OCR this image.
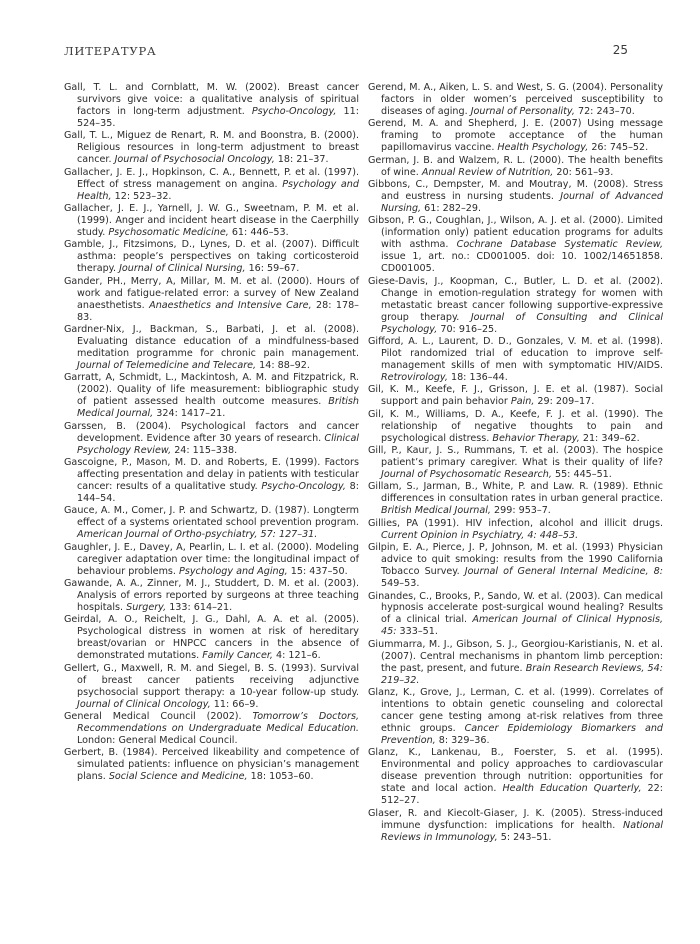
ЛИТЕРАТУРА	25

Gall, T. L. and Cornblatt, M. W. (2002). Breast cancer survivors give voice: a qualitative analysis of spiritual factors in long-term adjustment. Psycho-Oncology, 11: 524–35.

Gall, T. L., Miguez de Renart, R. M. and Boonstra, B. (2000). Religious resources in long-term adjustment to breast cancer. Journal of Psychosocial Oncology, 18: 21–37.

Gallacher, J. E. J., Hopkinson, C. A., Bennett, P. et al. (1997). Effect of stress management on angina. Psychology and Health, 12: 523–32.

Gallacher, J. E. J., Yarnell, J. W. G., Sweetnam, P. M. et al. (1999). Anger and incident heart disease in the Caerphilly study. Psychosomatic Medicine, 61: 446–53.

Gamble, J., Fitzsimons, D., Lynes, D. et al. (2007). Difficult asthma: people’s perspectives on taking corticosteroid therapy. Journal of Clinical Nursing, 16: 59–67.

Gander, PH., Merry, A, Millar, M. M. et al. (2000). Hours of work and fatigue-related error: a survey of New Zealand anaesthetists. Anaesthetics and Intensive Care, 28: 178–83.

Gardner-Nix, J., Backman, S., Barbati, J. et al. (2008). Evaluating distance education of a mindfulness-based meditation programme for chronic pain management. Journal of Telemedicine and Telecare, 14: 88–92.

Garratt, A, Schmidt, L., Mackintosh, A. M. and Fitzpatrick, R. (2002). Quality of life measurement: bibliographic study of patient assessed health outcome measures. British Medical Journal, 324: 1417–21.

Garssen, B. (2004). Psychological factors and cancer development. Evidence after 30 years of research. Clinical Psychology Review, 24: 115–338.

Gascoigne, P., Mason, M. D. and Roberts, E. (1999). Factors affecting presentation and delay in patients with testicular cancer: results of a qualitative study. Psycho-Oncology, 8: 144–54.

Gauce, A. M., Comer, J. P. and Schwartz, D. (1987). Longterm effect of a systems orientated school prevention program. American Journal of Ortho-psychiatry, 57: 127–31.

Gaughler, J. E., Davey, A, Pearlin, L. I. et al. (2000). Modeling caregiver adaptation over time: the longitudinal impact of behaviour problems. Psychology and Aging, 15: 437–50.

Gawande, A. A., Zinner, M. J., Studdert, D. M. et al. (2003). Analysis of errors reported by surgeons at three teaching hospitals. Surgery, 133: 614–21.

Geirdal, A. O., Reichelt, J. G., Dahl, A. A. et al. (2005). Psychological distress in women at risk of hereditary breast/ovarian or HNPCC cancers in the absence of demonstrated mutations. Family Cancer, 4: 121–6.

Gellert, G., Maxwell, R. M. and Siegel, B. S. (1993). Survival of breast cancer patients receiving adjunctive psychosocial support therapy: a 10-year follow-up study. Journal of Clinical Oncology, 11: 66–9.

General Medical Council (2002). Tomorrow’s Doctors, Recommendations on Undergraduate Medical Education. London: General Medical Council.

Gerbert, B. (1984). Perceived likeability and competence of simulated patients: influence on physician’s management plans. Social Science and Medicine, 18: 1053–60.

Gerend, M. A., Aiken, L. S. and West, S. G. (2004). Personality factors in older women’s perceived susceptibility to diseases of aging. Journal of Personality, 72: 243–70.

Gerend, M. A. and Shepherd, J. E. (2007) Using message framing to promote acceptance of the human papillomavirus vaccine. Health Psychology, 26: 745–52.

German, J. B. and Walzem, R. L. (2000). The health benefits of wine. Annual Review of Nutrition, 20: 561–93.

Gibbons, C., Dempster, M. and Moutray, M. (2008). Stress and eustress in nursing students. Journal of Advanced Nursing, 61: 282–29.

Gibson, P. G., Coughlan, J., Wilson, A. J. et al. (2000). Limited (information only) patient education programs for adults with asthma. Cochrane Database Systematic Review, issue 1, art. no.: CD001005. doi: 10. 1002/14651858. CD001005.

Giese-Davis, J., Koopman, C., Butler, L. D. et al. (2002). Change in emotion-regulation strategy for women with metastatic breast cancer following supportive-expressive group therapy. Journal of Consulting and Clinical Psychology, 70: 916–25.

Gifford, A. L., Laurent, D. D., Gonzales, V. M. et al. (1998). Pilot randomized trial of education to improve self-management skills of men with symptomatic HIV/AIDS. Retrovirology, 18: 136–44.

Gil, K. M., Keefe, F. J., Grisson, J. E. et al. (1987). Social support and pain behavior Pain, 29: 209–17.

Gil, K. M., Williams, D. A., Keefe, F. J. et al. (1990). The relationship of negative thoughts to pain and psychological distress. Behavior Therapy, 21: 349–62.

Gill, P., Kaur, J. S., Rummans, T. et al. (2003). The hospice patient’s primary caregiver. What is their quality of life? Journal of Psychosomatic Research, 55: 445–51.

Gillam, S., Jarman, B., White, P. and Law. R. (1989). Ethnic differences in consultation rates in urban general practice. British Medical Journal, 299: 953–7.

Gillies, PA (1991). HIV infection, alcohol and illicit drugs. Current Opinion in Psychiatry, 4: 448–53.

Gilpin, E. A., Pierce, J. P, Johnson, M. et al. (1993) Physician advice to quit smoking: results from the 1990 California Tobacco Survey. Journal of General Internal Medicine, 8: 549–53.

Ginandes, C., Brooks, P., Sando, W. et al. (2003). Can medical hypnosis accelerate post-surgical wound healing? Results of a clinical trial. American Journal of Clinical Hypnosis, 45: 333–51.

Giummarra, M. J., Gibson, S. J., Georgiou-Karistianis, N. et al. (2007). Central mechanisms in phantom limb perception: the past, present, and future. Brain Research Reviews, 54: 219–32.

Glanz, K., Grove, J., Lerman, C. et al. (1999). Correlates of intentions to obtain genetic counseling and colorectal cancer gene testing among at-risk relatives from three ethnic groups. Cancer Epidemiology Biomarkers and Prevention, 8: 329–36.

Glanz, K., Lankenau, B., Foerster, S. et al. (1995). Environmental and policy approaches to cardiovascular disease prevention through nutrition: opportunities for state and local action. Health Education Quarterly, 22: 512–27.

Glaser, R. and Kiecolt-Giaser, J. K. (2005). Stress-induced immune dysfunction: implications for health. National Reviews in Immunology, 5: 243–51.
